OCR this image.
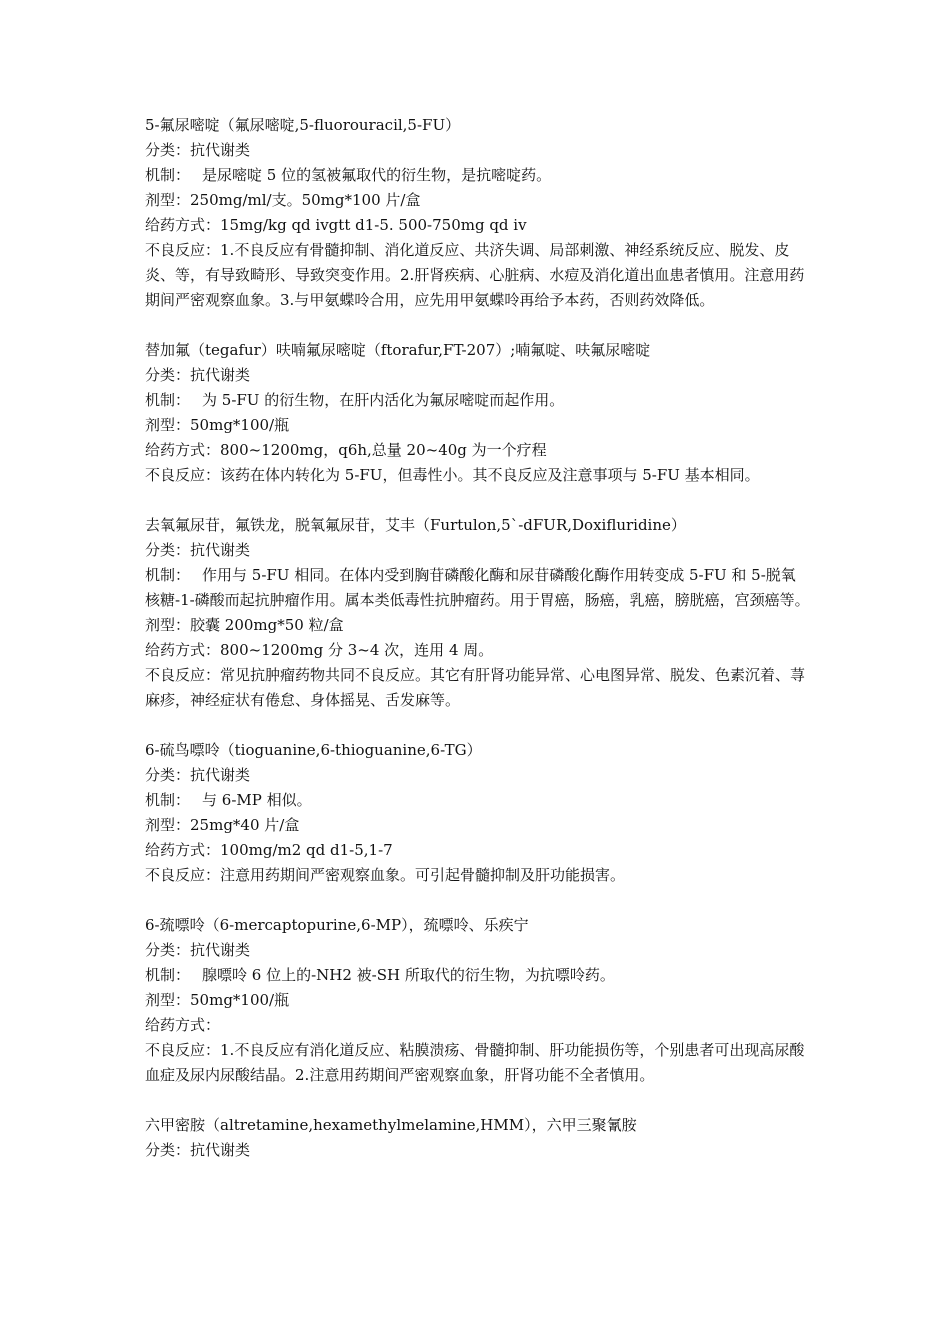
5-氟尿嘧啶（氟尿嘧啶,5-fluorouracil,5-FU）

分类：抗代谢类

机制： 是尿嘧啶 5 位的氢被氟取代的衍生物，是抗嘧啶药。

剂型：250mg/ml/支。50mg*100 片/盒

给药方式：15mg/kg qd ivgtt d1-5. 500-750mg qd iv

不良反应：1.不良反应有骨髓抑制、消化道反应、共济失调、局部刺激、神经系统反应、脱发、皮炎、等，有导致畸形、导致突变作用。2.肝肾疾病、心脏病、水痘及消化道出血患者慎用。注意用药期间严密观察血象。3.与甲氨蝶呤合用，应先用甲氨蝶呤再给予本药，否则药效降低。

替加氟（tegafur）呋喃氟尿嘧啶（ftorafur,FT-207）;喃氟啶、呋氟尿嘧啶

分类：抗代谢类

机制： 为 5-FU 的衍生物，在肝内活化为氟尿嘧啶而起作用。

剂型：50mg*100/瓶

给药方式：800~1200mg，q6h,总量 20~40g 为一个疗程

不良反应：该药在体内转化为 5-FU，但毒性小。其不良反应及注意事项与 5-FU 基本相同。

去氧氟尿苷，氟铁龙，脱氧氟尿苷，艾丰（Furtulon,5`-dFUR,Doxifluridine）

分类：抗代谢类

机制： 作用与 5-FU 相同。在体内受到胸苷磷酸化酶和尿苷磷酸化酶作用转变成 5-FU 和 5-脱氧核糖-1-磷酸而起抗肿瘤作用。属本类低毒性抗肿瘤药。用于胃癌，肠癌，乳癌，膀胱癌，宫颈癌等。

剂型：胶囊 200mg*50 粒/盒

给药方式：800~1200mg 分 3~4 次，连用 4 周。

不良反应：常见抗肿瘤药物共同不良反应。其它有肝肾功能异常、心电图异常、脱发、色素沉着、荨麻疹，神经症状有倦怠、身体摇晃、舌发麻等。

6-硫鸟嘌呤（tioguanine,6-thioguanine,6-TG）

分类：抗代谢类

机制： 与 6-MP 相似。

剂型：25mg*40 片/盒

给药方式：100mg/m2 qd d1-5,1-7

不良反应：注意用药期间严密观察血象。可引起骨髓抑制及肝功能损害。

6-巯嘌呤（6-mercaptopurine,6-MP），巯嘌呤、乐疾宁

分类：抗代谢类

机制： 腺嘌呤 6 位上的-NH2 被-SH 所取代的衍生物，为抗嘌呤药。

剂型：50mg*100/瓶

给药方式：

不良反应：1.不良反应有消化道反应、粘膜溃疡、骨髓抑制、肝功能损伤等，个别患者可出现高尿酸血症及尿内尿酸结晶。2.注意用药期间严密观察血象，肝肾功能不全者慎用。

六甲密胺（altretamine,hexamethylmelamine,HMM），六甲三聚氰胺

分类：抗代谢类
